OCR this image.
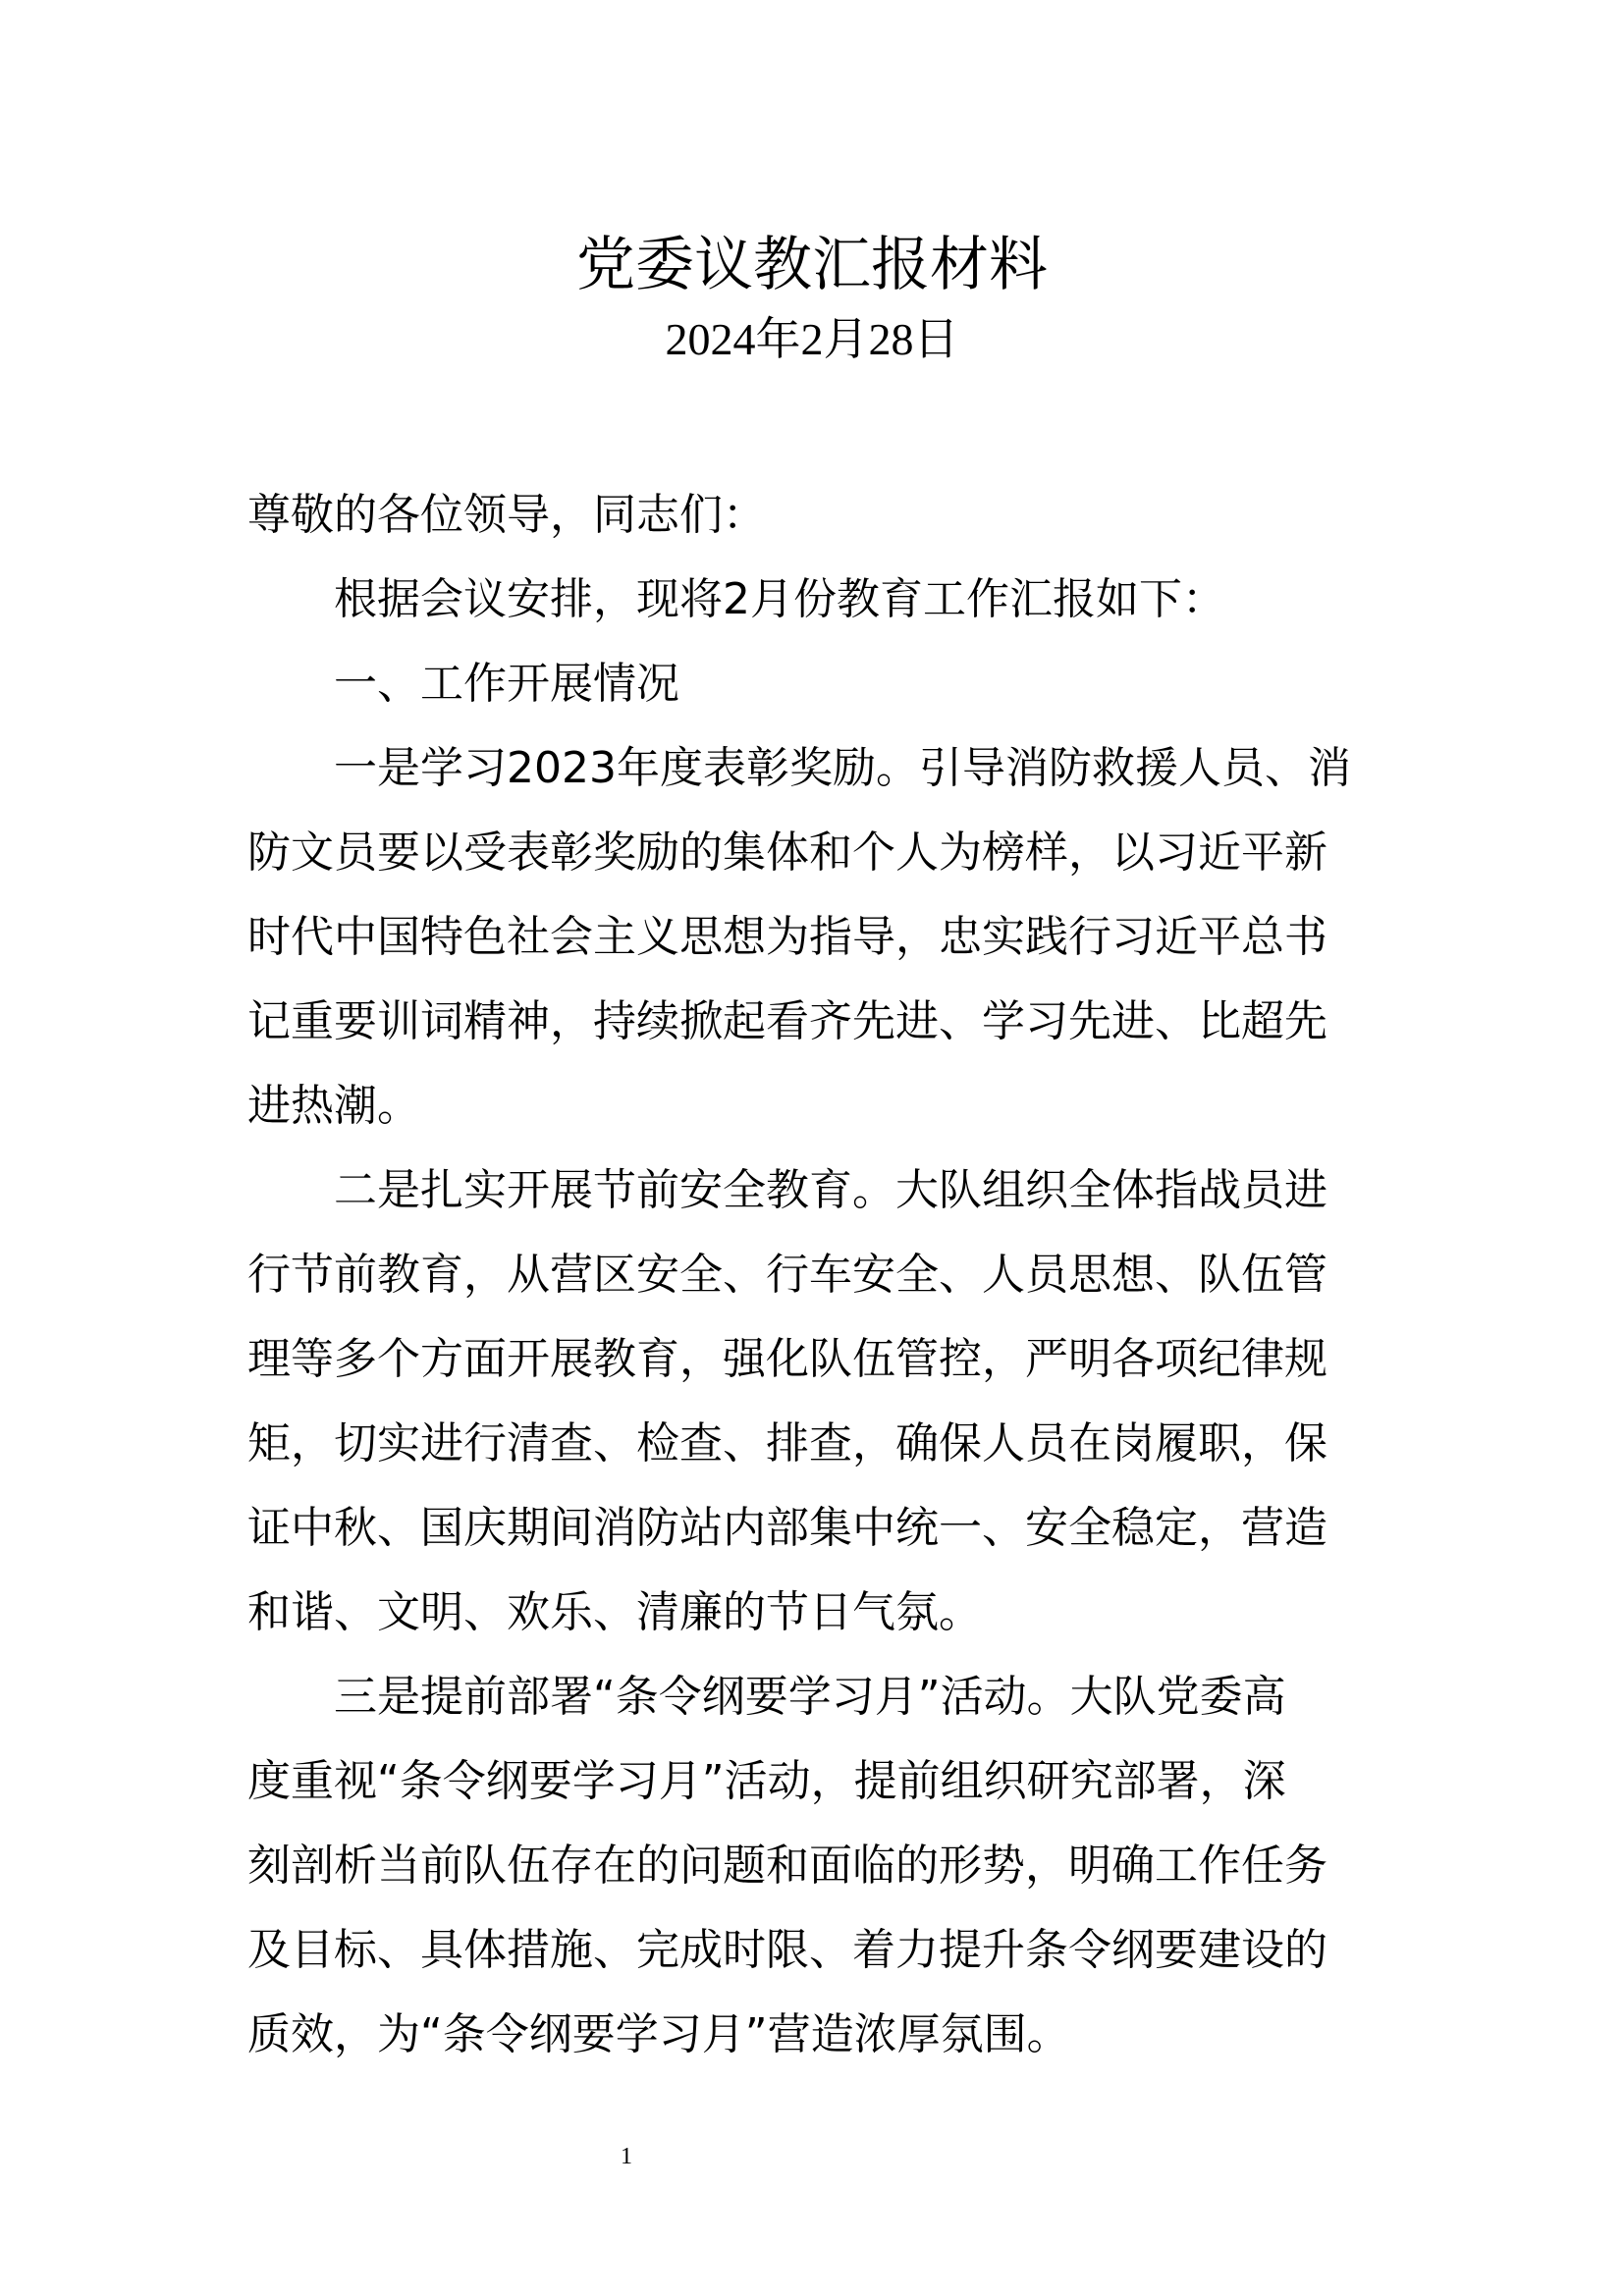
党委议教汇报材料
2024年2月28日
尊敬的各位领导，同志们：
根据会议安排，现将2月份教育工作汇报如下：
一、工作开展情况
一是学习2023年度表彰奖励。引导消防救援人员、消
防文员要以受表彰奖励的集体和个人为榜样，以习近平新
时代中国特色社会主义思想为指导，忠实践行习近平总书
记重要训词精神，持续掀起看齐先进、学习先进、比超先
进热潮。
二是扎实开展节前安全教育。大队组织全体指战员进
行节前教育，从营区安全、行车安全、人员思想、队伍管
理等多个方面开展教育，强化队伍管控，严明各项纪律规
矩，切实进行清查、检查、排查，确保人员在岗履职，保
证中秋、国庆期间消防站内部集中统一、安全稳定，营造
和谐、文明、欢乐、清廉的节日气氛。
三是提前部署“条令纲要学习月”活动。大队党委高
度重视“条令纲要学习月”活动，提前组织研究部署，深
刻剖析当前队伍存在的问题和面临的形势，明确工作任务
及目标、具体措施、完成时限、着力提升条令纲要建设的
质效，为“条令纲要学习月”营造浓厚氛围。
1
